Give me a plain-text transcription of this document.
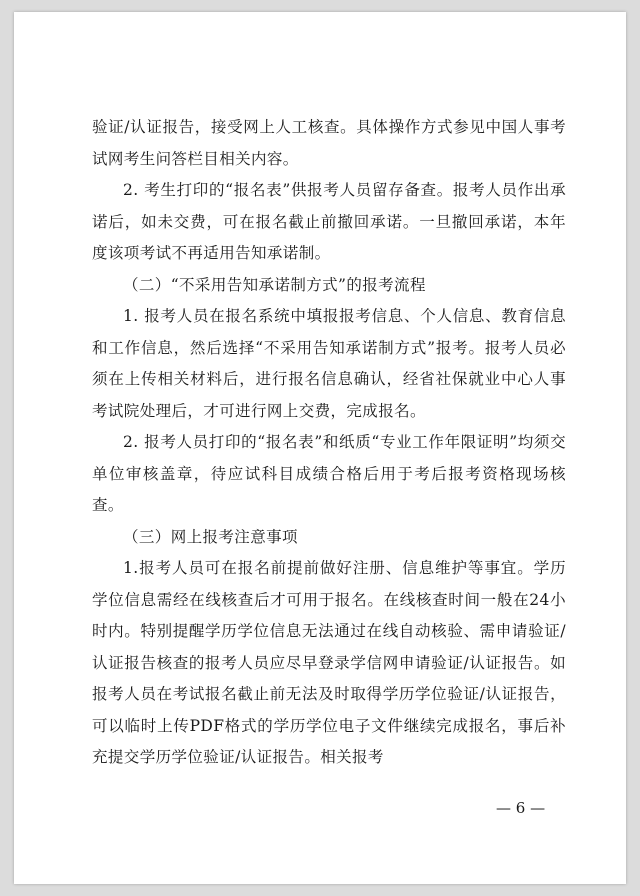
验证/认证报告，接受网上人工核查。具体操作方式参见中国人事考试网考生问答栏目相关内容。

2. 考生打印的“报名表”供报考人员留存备查。报考人员作出承诺后，如未交费，可在报名截止前撤回承诺。一旦撤回承诺，本年度该项考试不再适用告知承诺制。

（二）“不采用告知承诺制方式”的报考流程

1. 报考人员在报名系统中填报报考信息、个人信息、教育信息和工作信息，然后选择“不采用告知承诺制方式”报考。报考人员必须在上传相关材料后，进行报名信息确认，经省社保就业中心人事考试院处理后，才可进行网上交费，完成报名。

2. 报考人员打印的“报名表”和纸质“专业工作年限证明”均须交单位审核盖章，待应试科目成绩合格后用于考后报考资格现场核查。

（三）网上报考注意事项

1.报考人员可在报名前提前做好注册、信息维护等事宜。学历学位信息需经在线核查后才可用于报名。在线核查时间一般在24小时内。特别提醒学历学位信息无法通过在线自动核验、需申请验证/认证报告核查的报考人员应尽早登录学信网申请验证/认证报告。如报考人员在考试报名截止前无法及时取得学历学位验证/认证报告，可以临时上传PDF格式的学历学位电子文件继续完成报名，事后补充提交学历学位验证/认证报告。相关报考

— 6 —
